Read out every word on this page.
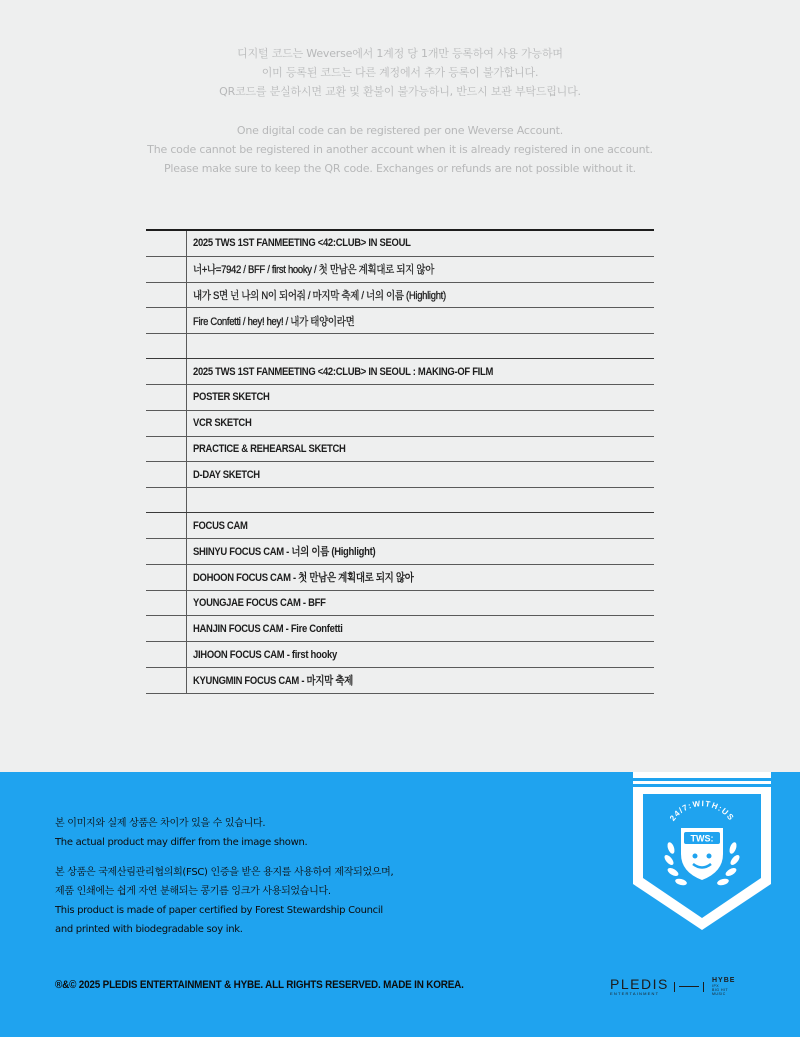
디지털 코드는 Weverse에서 1계정 당 1개만 등록하여 사용 가능하며

이미 등록된 코드는 다른 계정에서 추가 등록이 불가합니다.

QR코드를 분실하시면 교환 및 환불이 불가능하니, 반드시 보관 부탁드립니다.

One digital code can be registered per one Weverse Account.

The code cannot be registered in another account when it is already registered in one account.

Please make sure to keep the QR code. Exchanges or refunds are not possible without it.

2025 TWS 1ST FANMEETING <42:CLUB> IN SEOUL
너+나=7942 / BFF / first hooky / 첫 만남은 계획대로 되지 않아
내가 S면 넌 나의 N이 되어줘 / 마지막 축제 / 너의 이름 (Highlight)
Fire Confetti / hey! hey! / 내가 태양이라면
2025 TWS 1ST FANMEETING <42:CLUB> IN SEOUL : MAKING-OF FILM
POSTER SKETCH
VCR SKETCH
PRACTICE & REHEARSAL SKETCH
D-DAY SKETCH
FOCUS CAM
SHINYU FOCUS CAM - 너의 이름 (Highlight)
DOHOON FOCUS CAM - 첫 만남은 계획대로 되지 않아
YOUNGJAE FOCUS CAM - BFF
HANJIN FOCUS CAM - Fire Confetti
JIHOON FOCUS CAM - first hooky
KYUNGMIN FOCUS CAM - 마지막 축제

본 이미지와 실제 상품은 차이가 있을 수 있습니다.

The actual product may differ from the image shown.

본 상품은 국제산림관리협의회(FSC) 인증을 받은 용지를 사용하여 제작되었으며,

제품 인쇄에는 쉽게 자연 분해되는 콩기름 잉크가 사용되었습니다.

This product is made of paper certified by Forest Stewardship Council

and printed with biodegradable soy ink.

®&© 2025 PLEDIS ENTERTAINMENT & HYBE. ALL RIGHTS RESERVED. MADE IN KOREA.	PLEDIS
ENTERTAINMENT
HYBE
IPX
BIG HIT
MUSIC
24/7:WITH:US
TWS:
